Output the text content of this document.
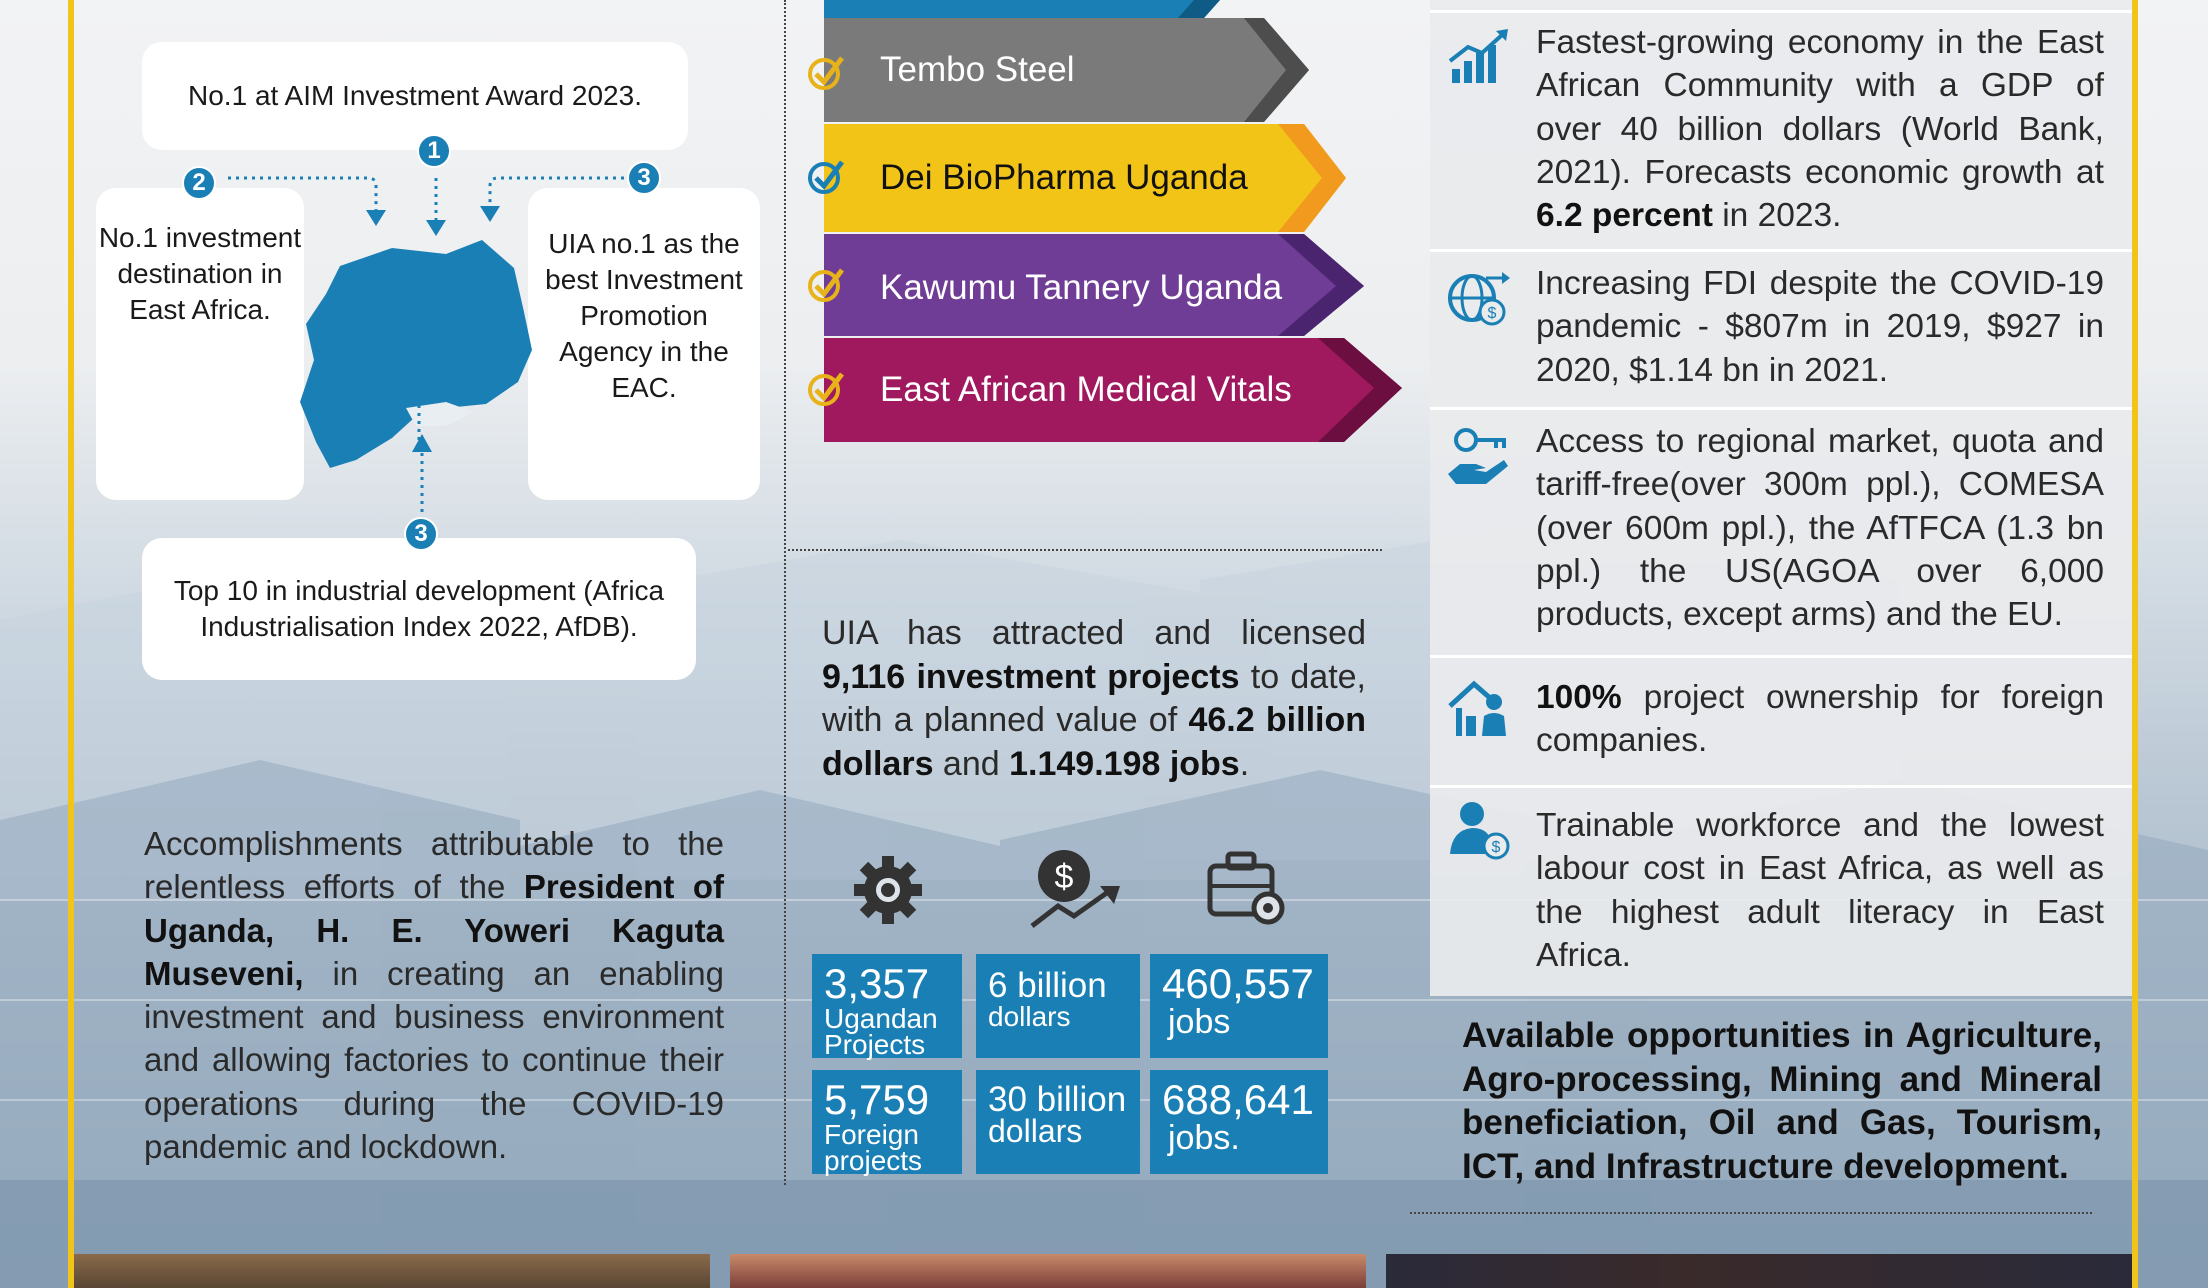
No.1 at AIM Investment Award 2023.
No.1 investment destination in East Africa.
UIA no.1 as the best Investment Promotion Agency in the EAC.
Top 10 in industrial development (Africa Industrialisation Index 2022, AfDB).
1
2	3
3
Accomplishments attributable to the relentless efforts of the President of Uganda, H. E. Yoweri Kaguta Museveni, in creating an enabling investment and business environment and allowing factories to continue their operations during the COVID-19 pandemic and lockdown.
Tembo Steel
Dei BioPharma Uganda
Kawumu Tannery Uganda
East African Medical Vitals
UIA has attracted and licensed 9,116 investment projects to date, with a planned value of 46.2 billion dollars and 1.149.198 jobs.
$
3,357
Ugandan
Projects
6 billion
dollars
460,557
jobs
5,759
Foreign
projects
30 billion
dollars
688,641
jobs.
Fastest-growing economy in the East African Community with a GDP of over 40 billion dollars (World Bank, 2021). Forecasts economic growth at 6.2 percent in 2023.
$
Increasing FDI despite the COVID-19 pandemic - $807m in 2019, $927 in 2020, $1.14 bn in 2021.
Access to regional market, quota and tariff-free(over 300m ppl.), COMESA (over 600m ppl.), the AfTFCA (1.3 bn ppl.) the US(AGOA over 6,000 products, except arms) and the EU.
100% project ownership for foreign companies.
$
Trainable workforce and the lowest labour cost in East Africa, as well as the highest adult literacy in East Africa.
Available opportunities in Agriculture, Agro-processing, Mining and Mineral beneficiation, Oil and Gas, Tourism, ICT, and Infrastructure development.
